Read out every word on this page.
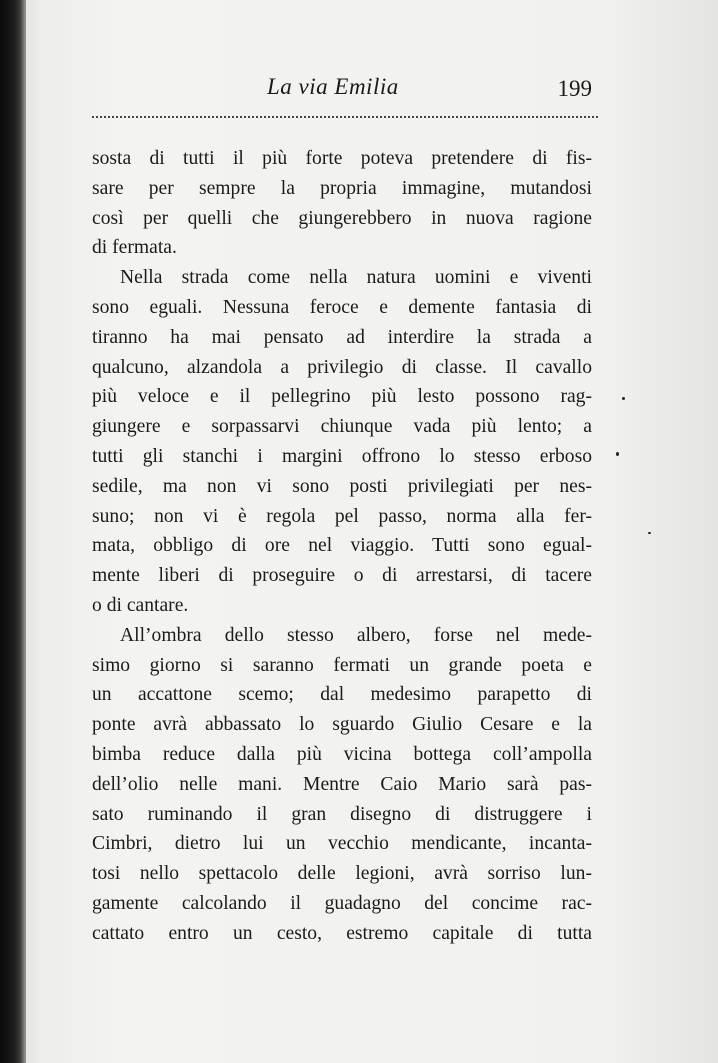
La via Emilia	199
sosta di tutti il più forte poteva pretendere di fis-
sare per sempre la propria immagine, mutandosi
così per quelli che giungerebbero in nuova ragione
di fermata.
Nella strada come nella natura uomini e viventi
sono eguali. Nessuna feroce e demente fantasia di
tiranno ha mai pensato ad interdire la strada a
qualcuno, alzandola a privilegio di classe. Il cavallo
più veloce e il pellegrino più lesto possono rag-
giungere e sorpassarvi chiunque vada più lento; a
tutti gli stanchi i margini offrono lo stesso erboso
sedile, ma non vi sono posti privilegiati per nes-
suno; non vi è regola pel passo, norma alla fer-
mata, obbligo di ore nel viaggio. Tutti sono egual-
mente liberi di proseguire o di arrestarsi, di tacere
o di cantare.
All’ombra dello stesso albero, forse nel mede-
simo giorno si saranno fermati un grande poeta e
un accattone scemo; dal medesimo parapetto di
ponte avrà abbassato lo sguardo Giulio Cesare e la
bimba reduce dalla più vicina bottega coll’ampolla
dell’olio nelle mani. Mentre Caio Mario sarà pas-
sato ruminando il gran disegno di distruggere i
Cimbri, dietro lui un vecchio mendicante, incanta-
tosi nello spettacolo delle legioni, avrà sorriso lun-
gamente calcolando il guadagno del concime rac-
cattato entro un cesto, estremo capitale di tutta
